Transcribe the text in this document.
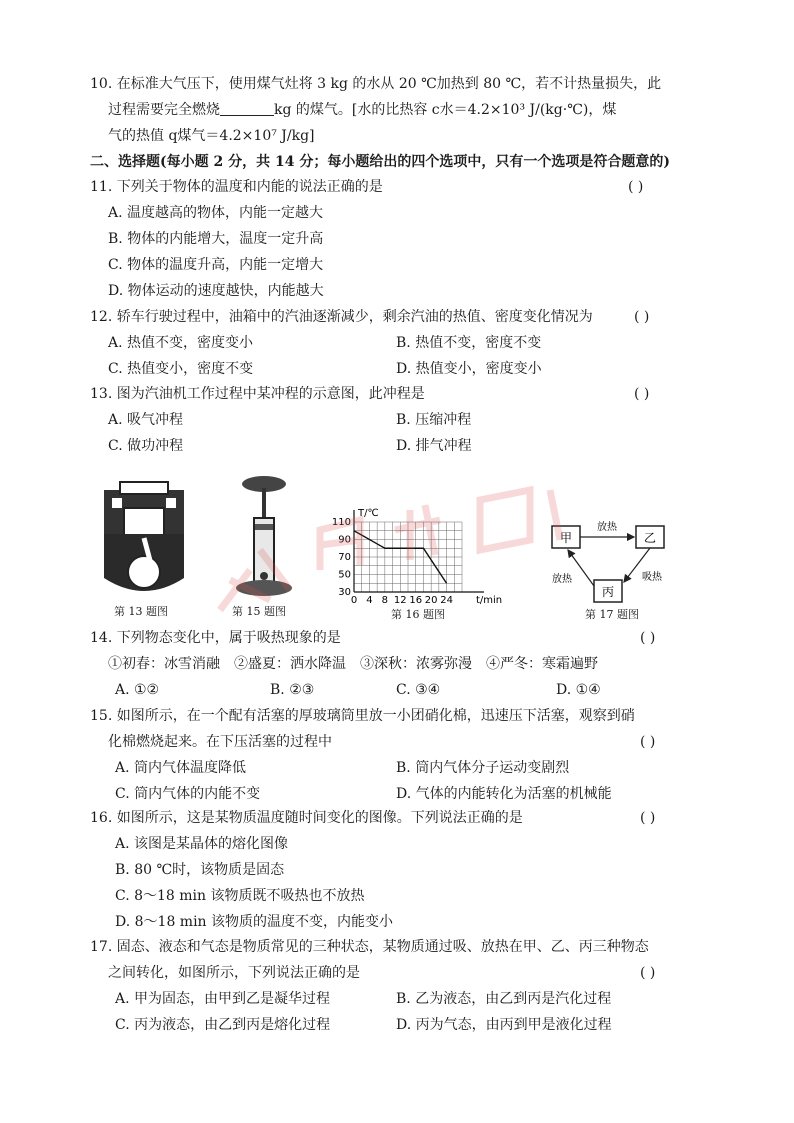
10. 在标准大气压下，使用煤气灶将 3 kg 的水从 20 ℃加热到 80 ℃，若不计热量损失，此
过程需要完全燃烧	kg 的煤气。[水的比热容 c水＝4.2×10³ J/(kg·℃)，煤
气的热值 q煤气＝4.2×10⁷ J/kg]
二、选择题(每小题 2 分，共 14 分；每小题给出的四个选项中，只有一个选项是符合题意的)
11. 下列关于物体的温度和内能的说法正确的是	( )
A. 温度越高的物体，内能一定越大
B. 物体的内能增大，温度一定升高
C. 物体的温度升高，内能一定增大
D. 物体运动的速度越快，内能越大
12. 轿车行驶过程中，油箱中的汽油逐渐减少，剩余汽油的热值、密度变化情况为	( )
A. 热值不变，密度变小	B. 热值不变，密度不变
C. 热值变小，密度不变	D. 热值变小，密度变小
13. 图为汽油机工作过程中某冲程的示意图，此冲程是	( )
A. 吸气冲程	B. 压缩冲程
C. 做功冲程	D. 排气冲程
第 13 题图	第 15 题图
0 4 8 12 16 20 24
30
50
70
90
110
T/℃
t/min
第 16 题图
甲	乙
丙
放热
吸热
放热
第 17 题图
14. 下列物态变化中，属于吸热现象的是	( )
①初春：冰雪消融　②盛夏：洒水降温　③深秋：浓雾弥漫　④严冬：寒霜遍野
A. ①②	B. ②③	C. ③④	D. ①④
15. 如图所示，在一个配有活塞的厚玻璃筒里放一小团硝化棉，迅速压下活塞，观察到硝
化棉燃烧起来。在下压活塞的过程中	( )
A. 筒内气体温度降低	B. 筒内气体分子运动变剧烈
C. 筒内气体的内能不变	D. 气体的内能转化为活塞的机械能
16. 如图所示，这是某物质温度随时间变化的图像。下列说法正确的是	( )
A. 该图是某晶体的熔化图像
B. 80 ℃时，该物质是固态
C. 8～18 min 该物质既不吸热也不放热
D. 8～18 min 该物质的温度不变，内能变小
17. 固态、液态和气态是物质常见的三种状态，某物质通过吸、放热在甲、乙、丙三种物态
之间转化，如图所示，下列说法正确的是	( )
A. 甲为固态，由甲到乙是凝华过程	B. 乙为液态，由乙到丙是汽化过程
C. 丙为液态，由乙到丙是熔化过程	D. 丙为气态，由丙到甲是液化过程
